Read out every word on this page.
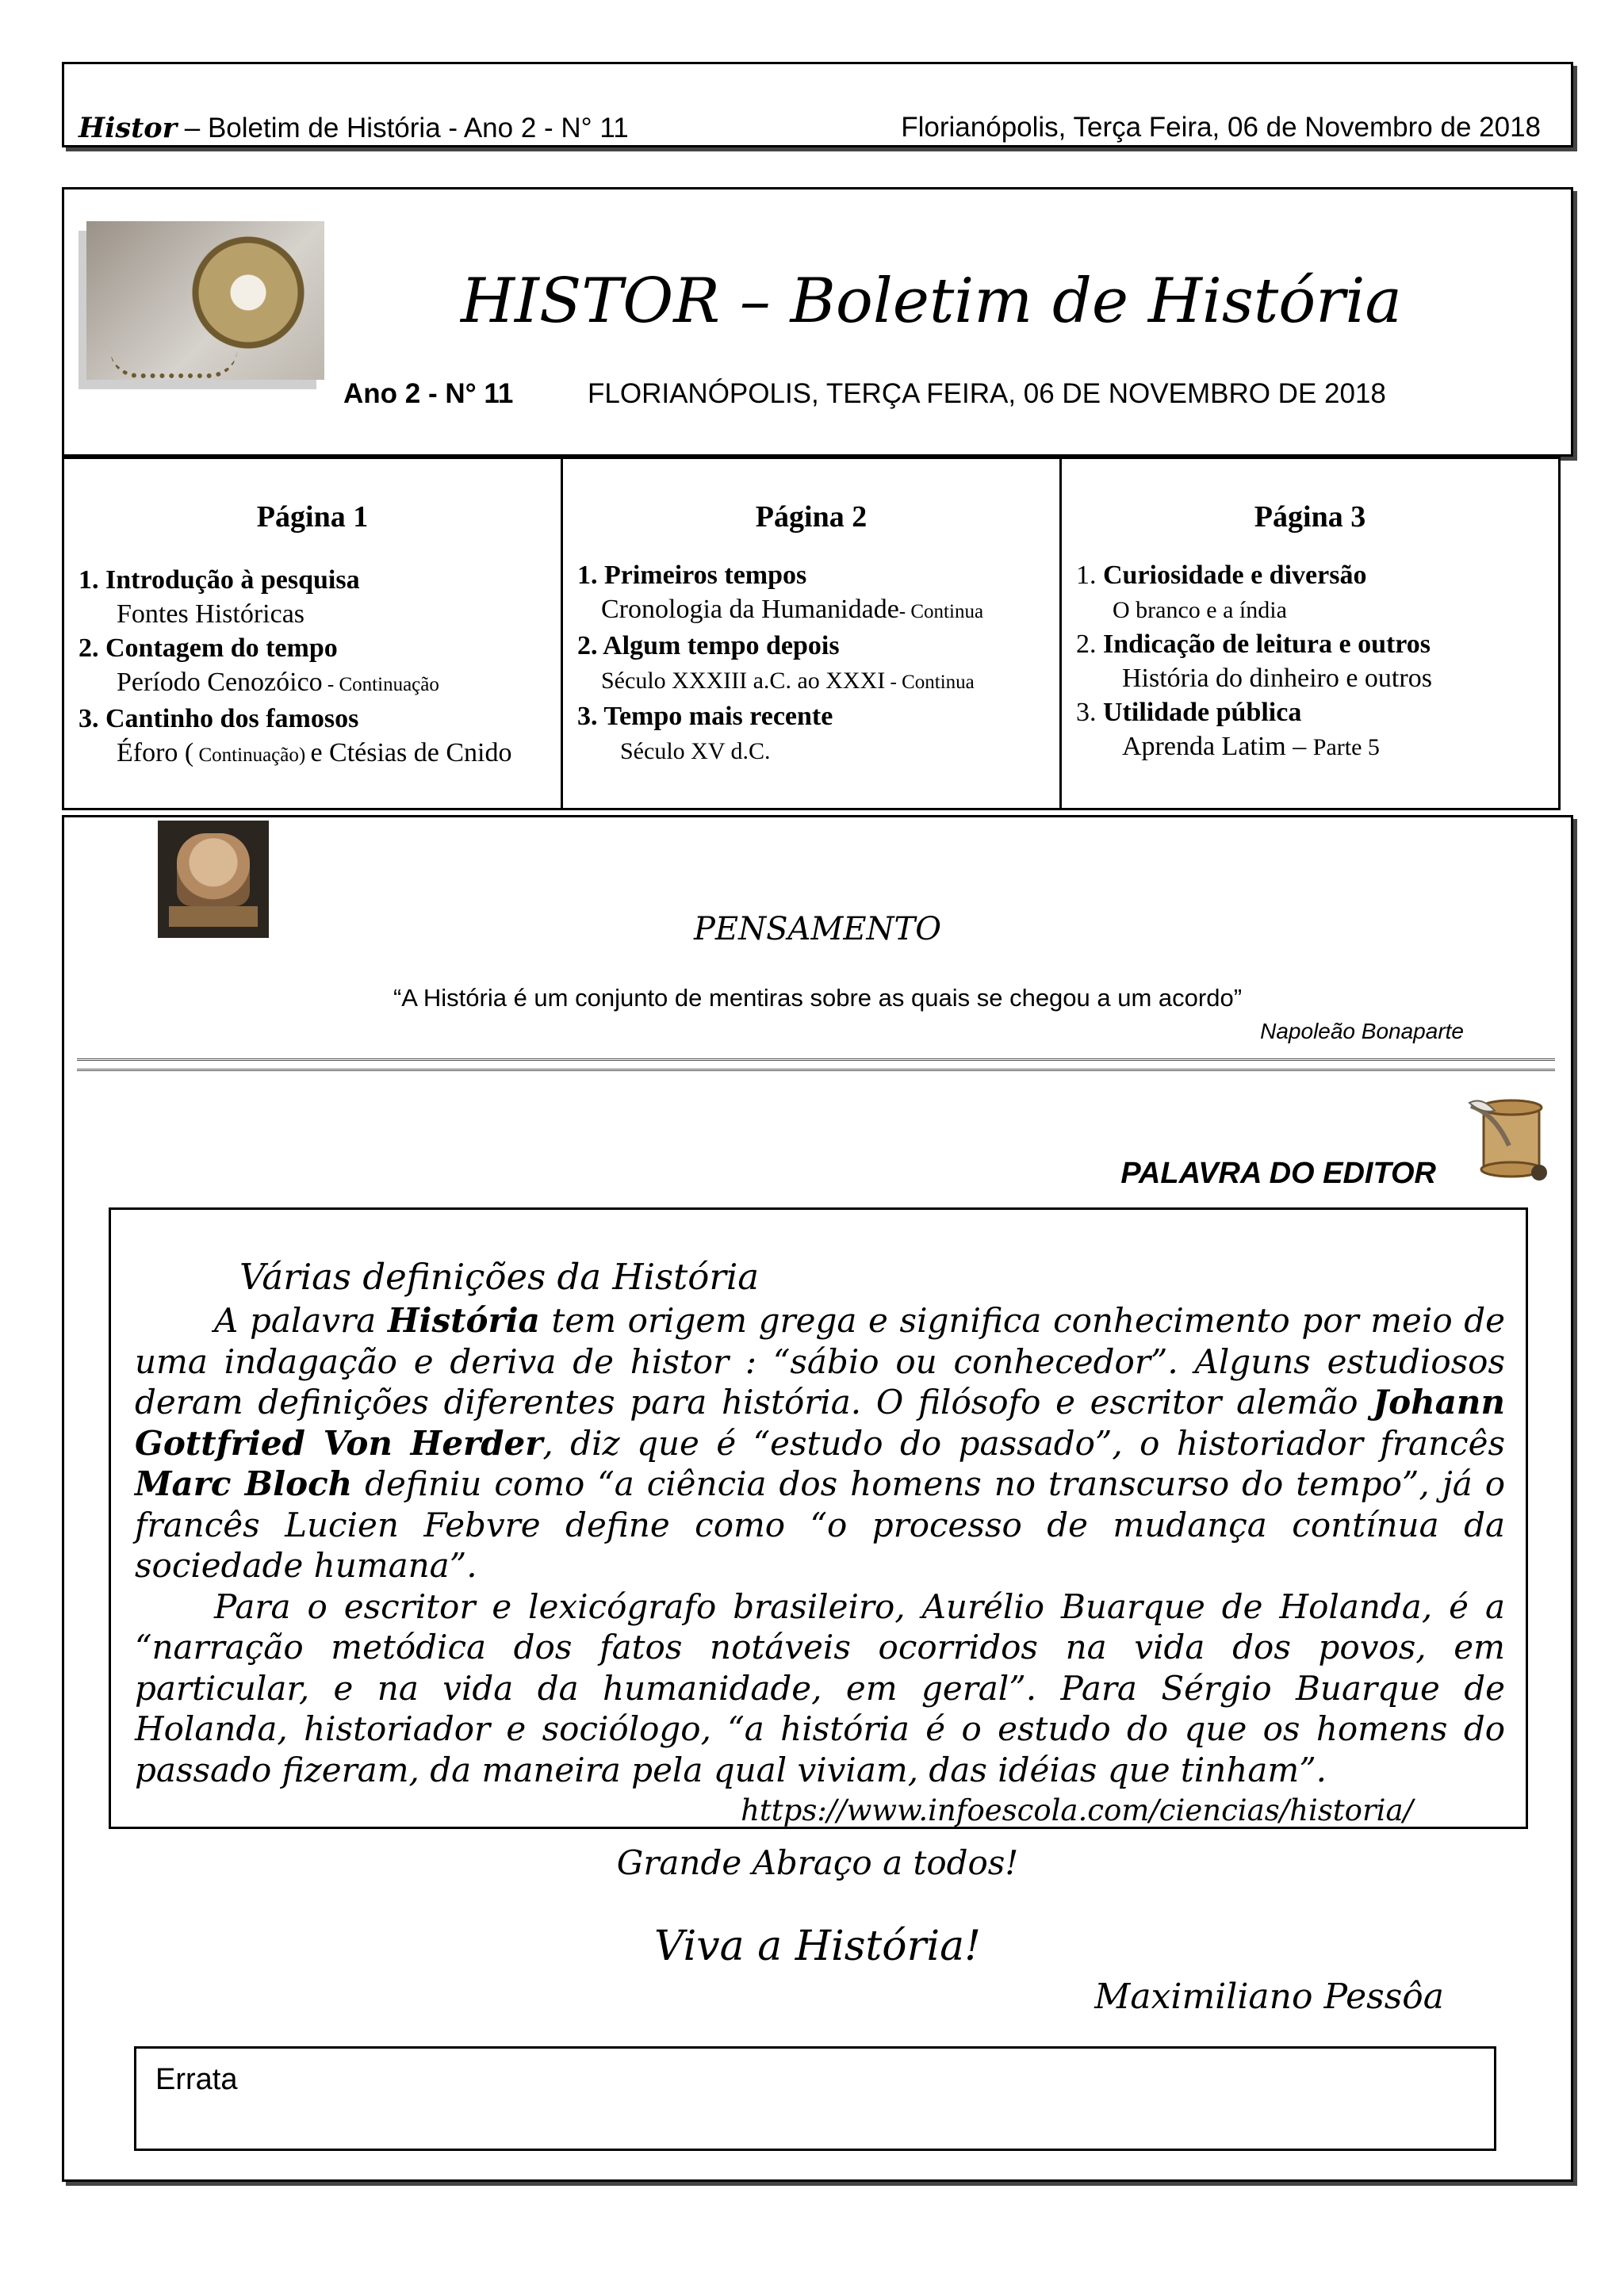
Histor – Boletim de História - Ano 2 - N° 11	Florianópolis, Terça Feira, 06 de Novembro de 2018
HISTOR – Boletim de História
Ano 2 - N° 11	FLORIANÓPOLIS, TERÇA FEIRA, 06 DE NOVEMBRO DE 2018
Página 1

1. Introdução à pesquisa

Fontes Históricas

2. Contagem do tempo

Período Cenozóico - Continuação

3. Cantinho dos famosos

Éforo ( Continuação) e Ctésias de Cnido

Página 2

1. Primeiros tempos

Cronologia da Humanidade- Continua

2. Algum tempo depois

Século XXXIII a.C. ao XXXI - Continua

3. Tempo mais recente

Século XV d.C.

Página 3

1. Curiosidade e diversão

O branco e a índia

2. Indicação de leitura e outros

História do dinheiro e outros

3. Utilidade pública

Aprenda Latim – Parte 5

PENSAMENTO
“A História é um conjunto de mentiras sobre as quais se chegou a um acordo”
Napoleão Bonaparte
PALAVRA DO EDITOR
Várias definições da História

A palavra História tem origem grega e significa conhecimento por meio de uma indagação e deriva de histor : “sábio ou conhecedor”. Alguns estudiosos deram definições diferentes para história. O filósofo e escritor alemão Johann Gottfried Von Herder, diz que é “estudo do passado”, o historiador francês Marc Bloch definiu como “a ciência dos homens no transcurso do tempo”, já o francês Lucien Febvre define como “o processo de mudança contínua da sociedade humana”.

Para o escritor e lexicógrafo brasileiro, Aurélio Buarque de Holanda, é a “narração metódica dos fatos notáveis ocorridos na vida dos povos, em particular, e na vida da humanidade, em geral”. Para Sérgio Buarque de Holanda, historiador e sociólogo, “a história é o estudo do que os homens do passado fizeram, da maneira pela qual viviam, das idéias que tinham”.

https://www.infoescola.com/ciencias/historia/

Grande Abraço a todos!
Viva a História!
Maximiliano Pessôa
Errata
